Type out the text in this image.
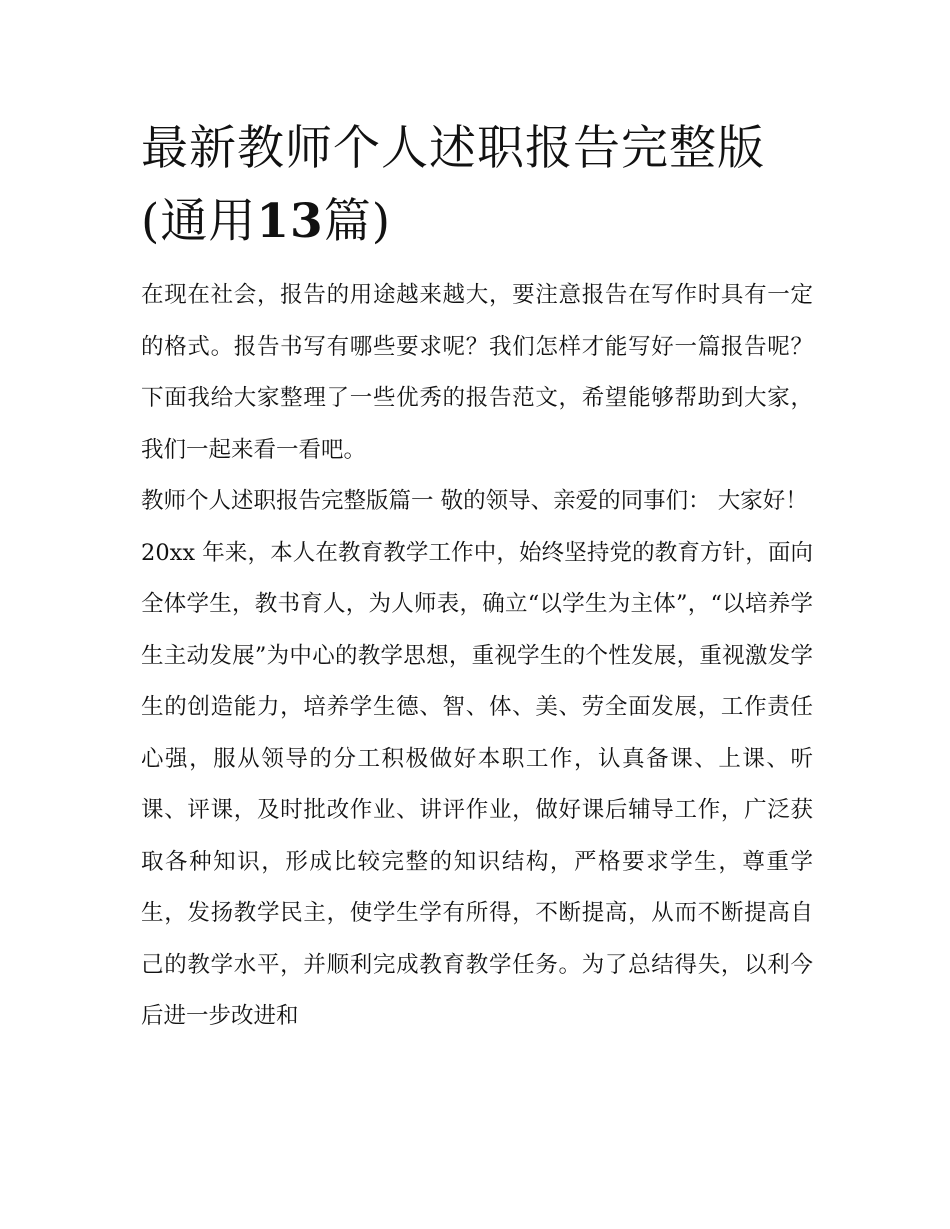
最新教师个人述职报告完整版
(通用13篇)

在现在社会，报告的用途越来越大，要注意报告在写作时具有一定的格式。报告书写有哪些要求呢？我们怎样才能写好一篇报告呢？下面我给大家整理了一些优秀的报告范文，希望能够帮助到大家，我们一起来看一看吧。

教师个人述职报告完整版篇一 敬的领导、亲爱的同事们： 大家好！

20xx 年来，本人在教育教学工作中，始终坚持党的教育方针，面向全体学生，教书育人，为人师表，确立“以学生为主体”，“以培养学生主动发展”为中心的教学思想，重视学生的个性发展，重视激发学生的创造能力，培养学生德、智、体、美、劳全面发展，工作责任心强，服从领导的分工积极做好本职工作，认真备课、上课、听课、评课，及时批改作业、讲评作业，做好课后辅导工作，广泛获取各种知识，形成比较完整的知识结构，严格要求学生，尊重学生，发扬教学民主，使学生学有所得，不断提高，从而不断提高自己的教学水平，并顺利完成教育教学任务。为了总结得失，以利今后进一步改进和
